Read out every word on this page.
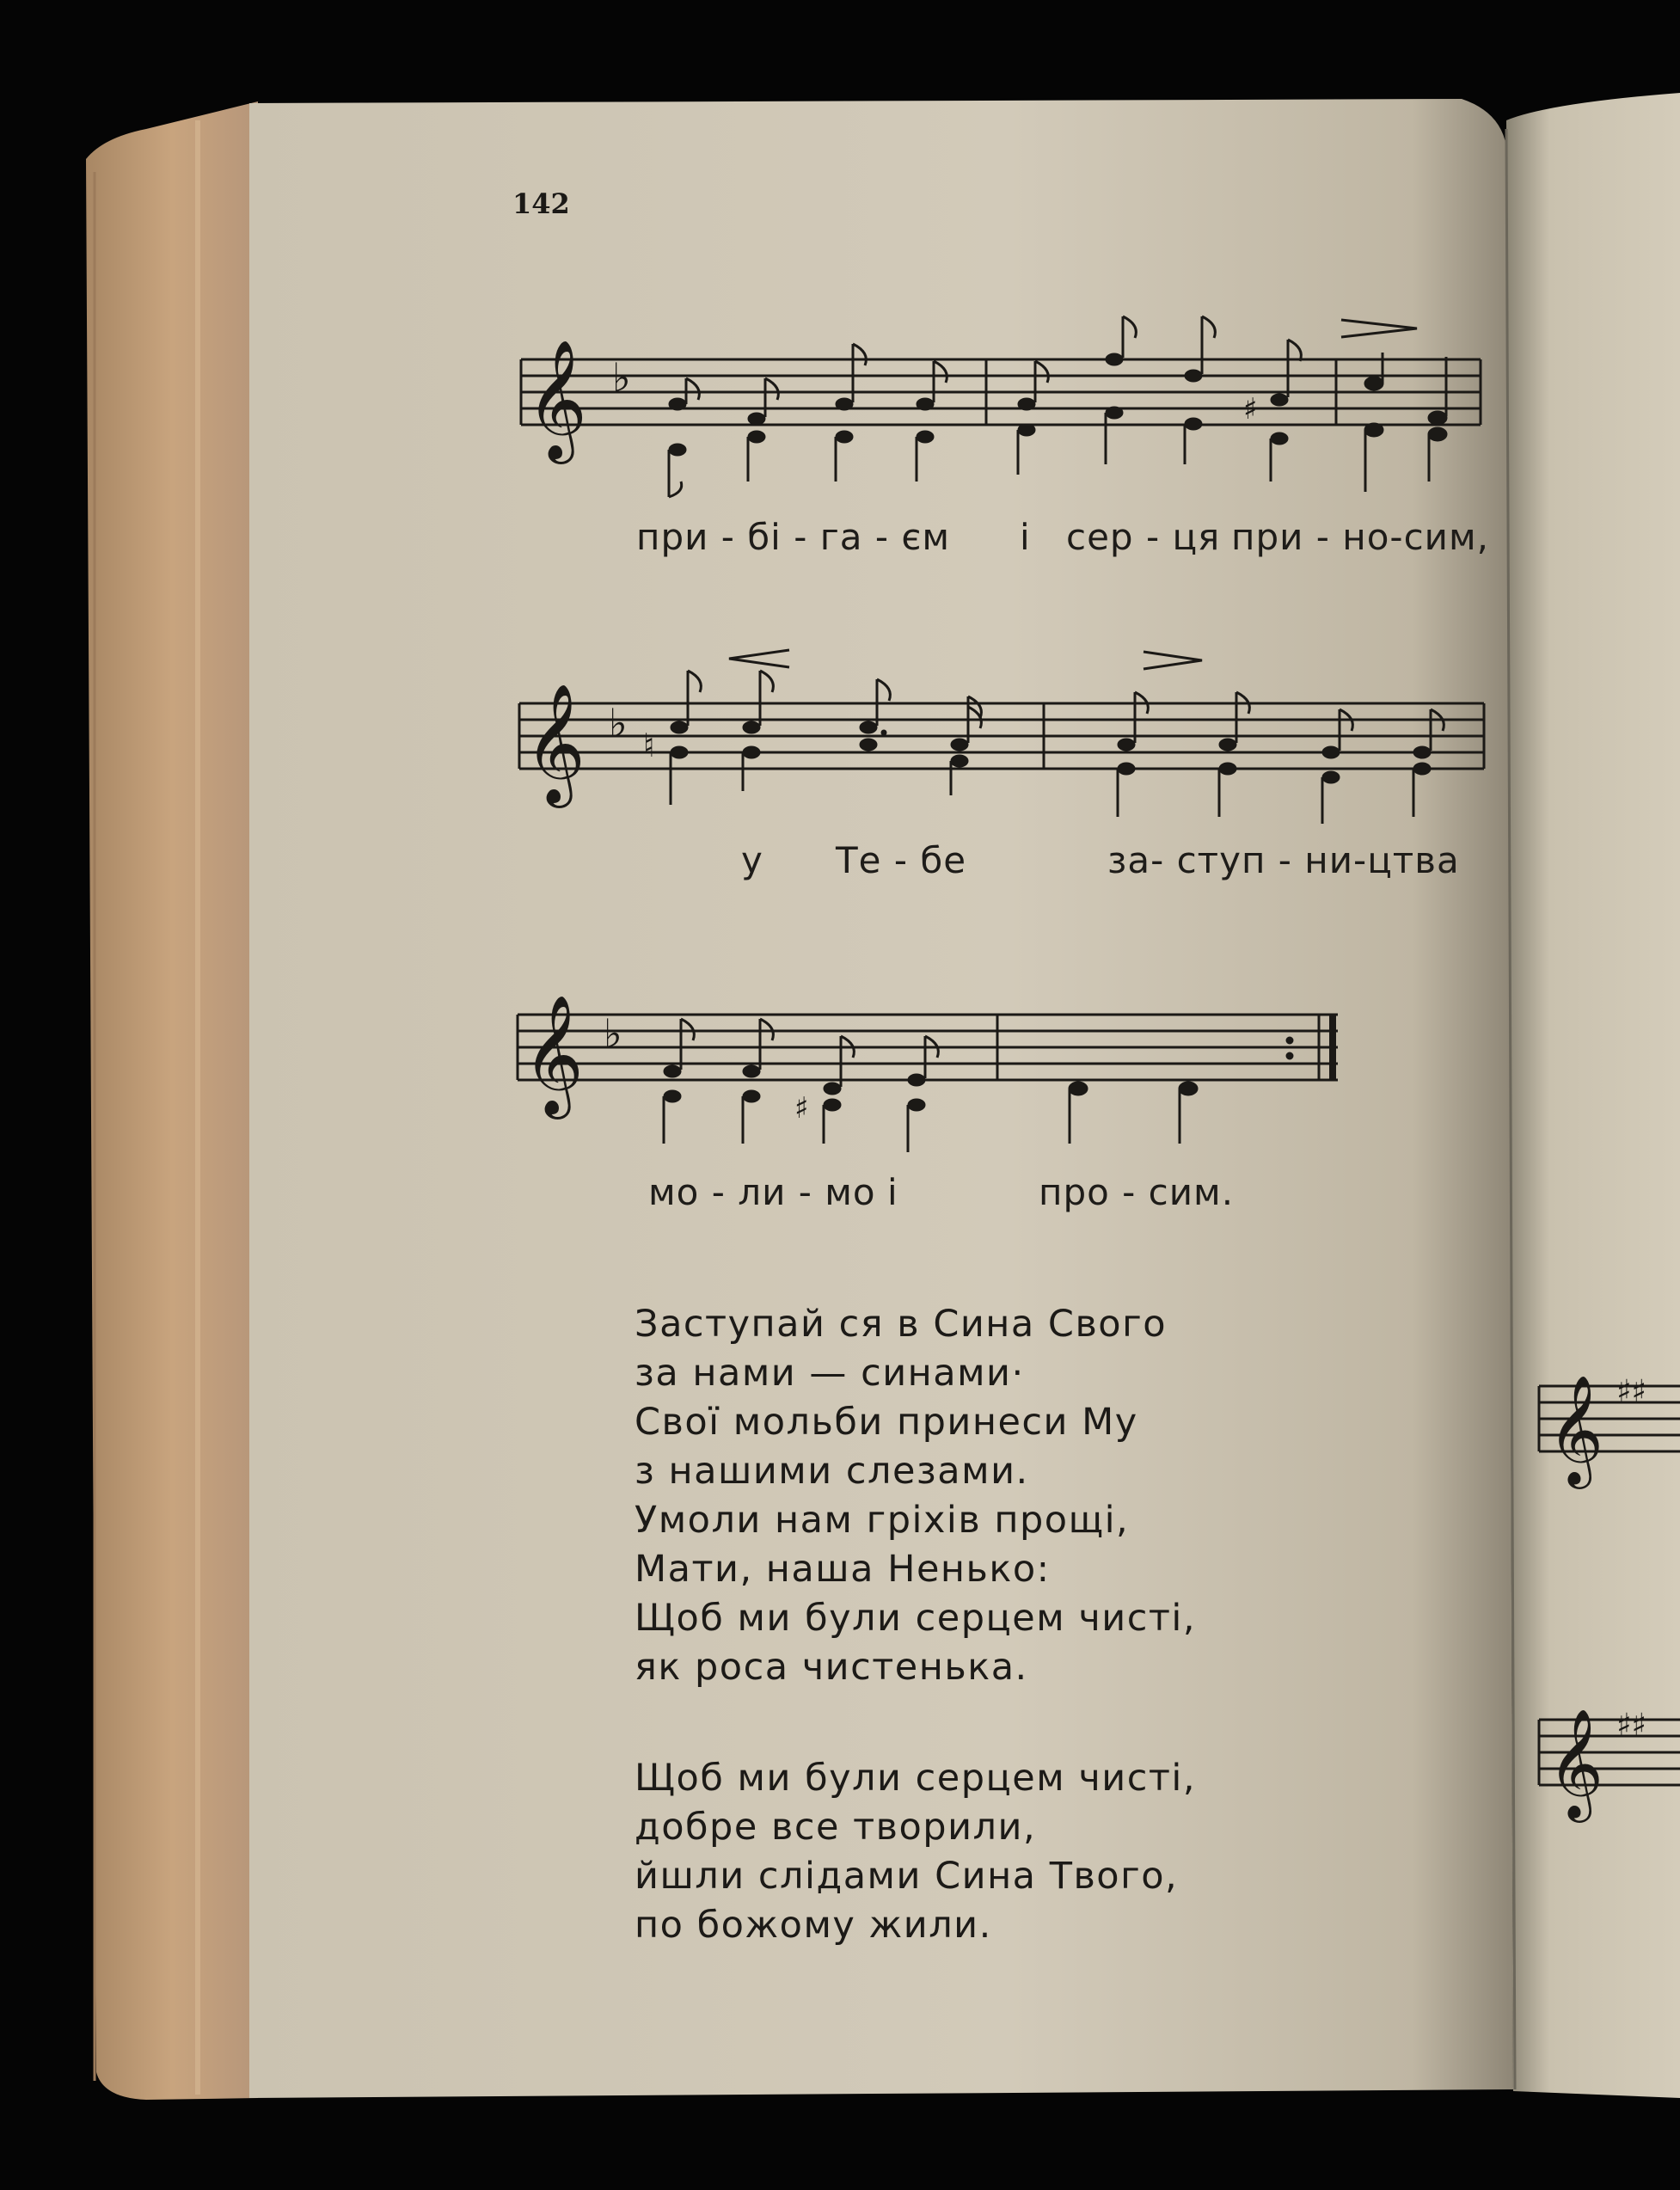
142
𝄞 ♭
♯
𝄞 ♭ ♮
𝄞 ♭
♯
𝄞 ♯♯
𝄞 ♯♯
при - бі - га - єм і сер - ця при - но-сим,
у Те - бе	за- ступ - ни-цтва
мо - ли - мо і	про - сим.
Заступай ся в Сина Свого
за нами — синами·
Свої мольби принеси Му
з нашими слезами.
Умоли нам гріхів прощі,
Мати, наша Ненько:
Щоб ми були серцем чисті,
як роса чистенька.
Щоб ми були серцем чисті,
добре все творили,
йшли слідами Сина Твого,
по божому жили.
